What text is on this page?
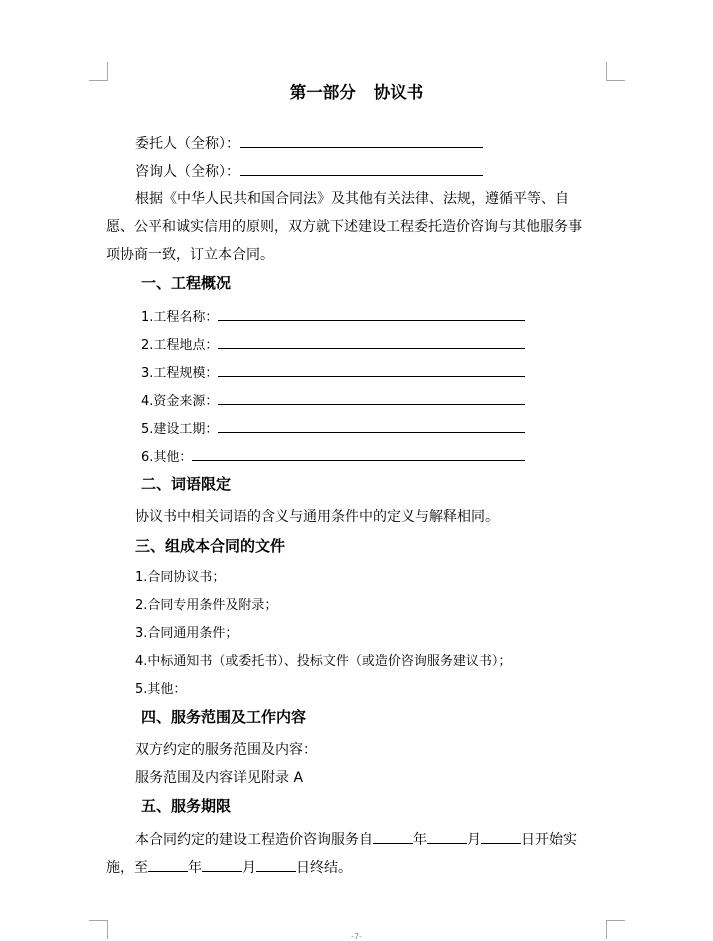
第一部分 协议书
委托人（全称）：
咨询人（全称）：
根据《中华人民共和国合同法》及其他有关法律、法规，遵循平等、自
愿、公平和诚实信用的原则，双方就下述建设工程委托造价咨询与其他服务事
项协商一致，订立本合同。
一、工程概况
1.工程名称：
2.工程地点：
3.工程规模：
4.资金来源：
5.建设工期：
6.其他：
二、词语限定
协议书中相关词语的含义与通用条件中的定义与解释相同。
三、组成本合同的文件
1.合同协议书；
2.合同专用条件及附录；
3.合同通用条件；
4.中标通知书（或委托书）、投标文件（或造价咨询服务建议书）；
5.其他：
四、服务范围及工作内容
双方约定的服务范围及内容：
服务范围及内容详见附录 A
五、服务期限
本合同约定的建设工程造价咨询服务自	年	月	日开始实
施，至	年	月	日终结。
-7-
